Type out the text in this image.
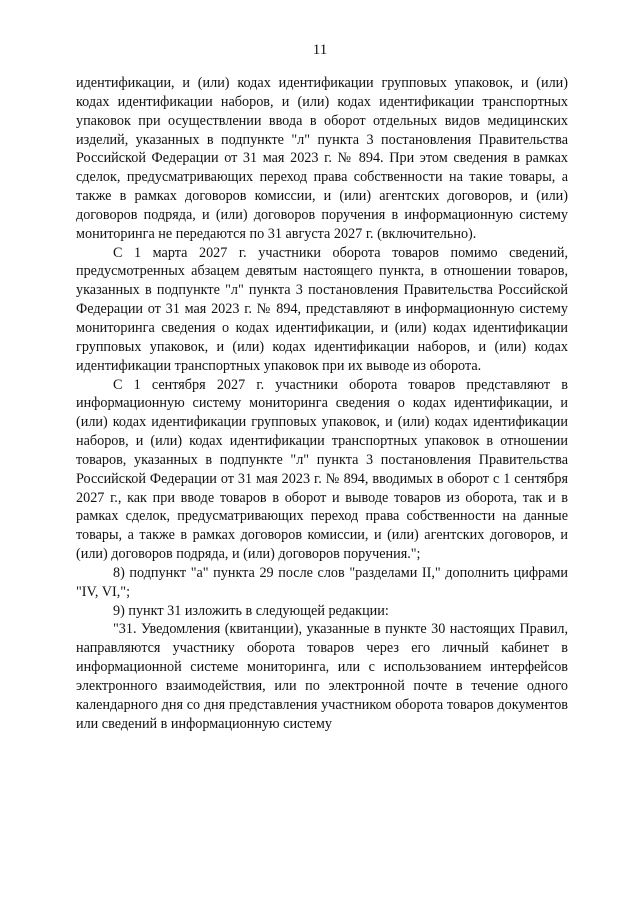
11

идентификации, и (или) кодах идентификации групповых упаковок, и (или) кодах идентификации наборов, и (или) кодах идентификации транспортных упаковок при осуществлении ввода в оборот отдельных видов медицинских изделий, указанных в подпункте "л" пункта 3 постановления Правительства Российской Федерации от 31 мая 2023 г. № 894. При этом сведения в рамках сделок, предусматривающих переход права собственности на такие товары, а также в рамках договоров комиссии, и (или) агентских договоров, и (или) договоров подряда, и (или) договоров поручения в информационную систему мониторинга не передаются по 31 августа 2027 г. (включительно).

С 1 марта 2027 г. участники оборота товаров помимо сведений, предусмотренных абзацем девятым настоящего пункта, в отношении товаров, указанных в подпункте "л" пункта 3 постановления Правительства Российской Федерации от 31 мая 2023 г. № 894, представляют в информационную систему мониторинга сведения о кодах идентификации, и (или) кодах идентификации групповых упаковок, и (или) кодах идентификации наборов, и (или) кодах идентификации транспортных упаковок при их выводе из оборота.

С 1 сентября 2027 г. участники оборота товаров представляют в информационную систему мониторинга сведения о кодах идентификации, и (или) кодах идентификации групповых упаковок, и (или) кодах идентификации наборов, и (или) кодах идентификации транспортных упаковок в отношении товаров, указанных в подпункте "л" пункта 3 постановления Правительства Российской Федерации от 31 мая 2023 г. № 894, вводимых в оборот с 1 сентября 2027 г., как при вводе товаров в оборот и выводе товаров из оборота, так и в рамках сделок, предусматривающих переход права собственности на данные товары, а также в рамках договоров комиссии, и (или) агентских договоров, и (или) договоров подряда, и (или) договоров поручения.";

8) подпункт "а" пункта 29 после слов "разделами II," дополнить цифрами "IV, VI,";

9) пункт 31 изложить в следующей редакции:

"31. Уведомления (квитанции), указанные в пункте 30 настоящих Правил, направляются участнику оборота товаров через его личный кабинет в информационной системе мониторинга, или с использованием интерфейсов электронного взаимодействия, или по электронной почте в течение одного календарного дня со дня представления участником оборота товаров документов или сведений в информационную систему
